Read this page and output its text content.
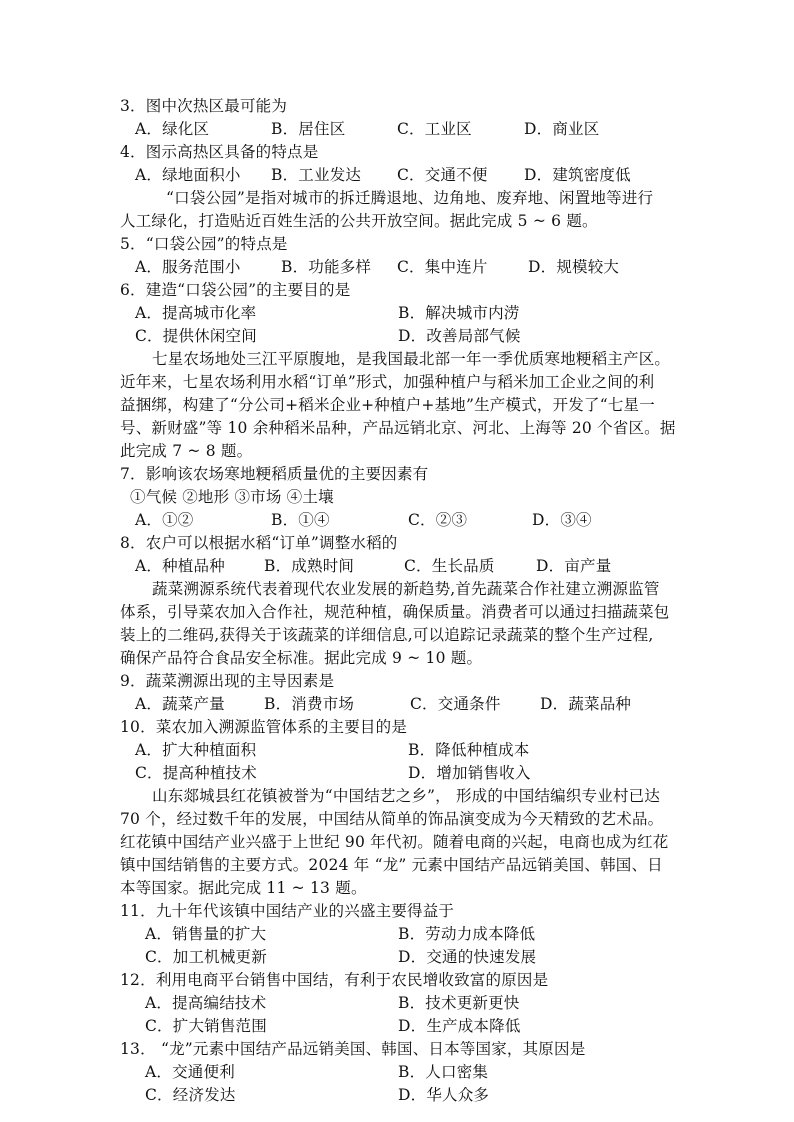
3．图中次热区最可能为
A．绿化区	B．居住区	C．工业区	D．商业区
4．图示高热区具备的特点是
A．绿地面积小 B．工业发达 C．交通不便 D．建筑密度低
“口袋公园”是指对城市的拆迁腾退地、边角地、废弃地、闲置地等进行
人工绿化，打造贴近百姓生活的公共开放空间。据此完成 5 ~ 6 题。
5．“口袋公园”的特点是
A．服务范围小	B．功能多样 C．集中连片	D．规模较大
6．建造“口袋公园”的主要目的是
A．提高城市化率	B．解决城市内涝
C．提供休闲空间	D．改善局部气候
七星农场地处三江平原腹地，是我国最北部一年一季优质寒地粳稻主产区。
近年来，七星农场利用水稻“订单”形式，加强种植户与稻米加工企业之间的利
益捆绑，构建了“分公司+稻米企业+种植户+基地”生产模式，开发了“七星一
号、新财盛”等 10 余种稻米品种，产品远销北京、河北、上海等 20 个省区。据
此完成 7 ~ 8 题。
7．影响该农场寒地粳稻质量优的主要因素有
①气候 ②地形 ③市场 ④土壤
A．①②	B．①④	C．②③	D．③④
8．农户可以根据水稻“订单”调整水稻的
A．种植品种	B．成熟时间	C．生长品质	D．亩产量
蔬菜溯源系统代表着现代农业发展的新趋势,首先蔬菜合作社建立溯源监管
体系，引导菜农加入合作社，规范种植，确保质量。消费者可以通过扫描蔬菜包
装上的二维码,获得关于该蔬菜的详细信息,可以追踪记录蔬菜的整个生产过程,
确保产品符合食品安全标准。据此完成 9 ~ 10 题。
9．蔬菜溯源出现的主导因素是
A．蔬菜产量	B．消费市场	C．交通条件	D．蔬菜品种
10．菜农加入溯源监管体系的主要目的是
A．扩大种植面积	B．降低种植成本
C．提高种植技术	D．增加销售收入
山东郯城县红花镇被誉为“中国结艺之乡”， 形成的中国结编织专业村已达
70 个，经过数千年的发展，中国结从简单的饰品演变成为今天精致的艺术品。
红花镇中国结产业兴盛于上世纪 90 年代初。随着电商的兴起，电商也成为红花
镇中国结销售的主要方式。2024 年 “龙” 元素中国结产品远销美国、韩国、日
本等国家。据此完成 11 ~ 13 题。
11．九十年代该镇中国结产业的兴盛主要得益于
A．销售量的扩大	B．劳动力成本降低
C．加工机械更新	D．交通的快速发展
12．利用电商平台销售中国结，有利于农民增收致富的原因是
A．提高编结技术	B．技术更新更快
C．扩大销售范围	D．生产成本降低
13． “龙”元素中国结产品远销美国、韩国、日本等国家，其原因是
A．交通便利	B．人口密集
C．经济发达	D．华人众多
